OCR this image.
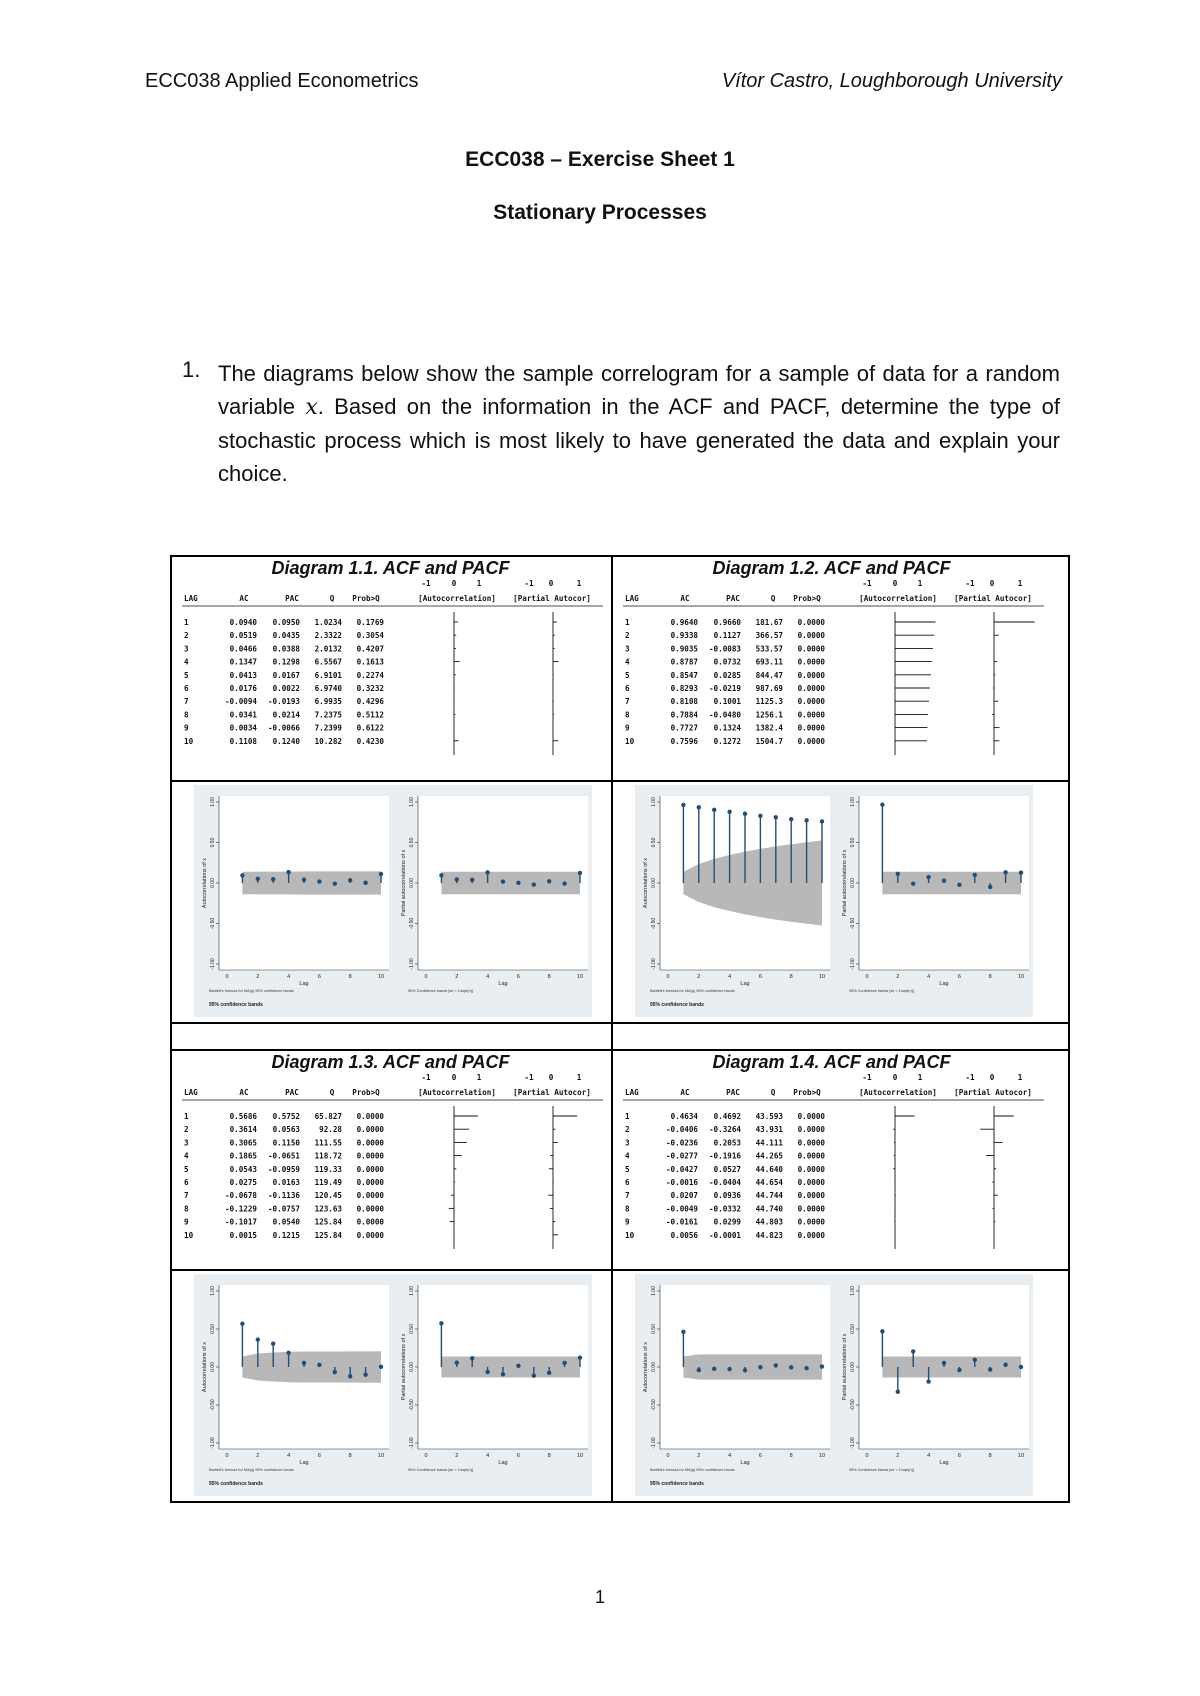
ECC038 Applied Econometrics	Vítor Castro, Loughborough University
ECC038 – Exercise Sheet 1
Stationary Processes
1. The diagrams below show the sample correlogram for a sample of data for a random variable x. Based on the information in the ACF and PACF, determine the type of stochastic process which is most likely to have generated the data and explain your choice.
Diagram 1.1. ACF and PACF
-1	0	1	-1 0	1
LAG	AC	PAC	Q Prob>Q	[Autocorrelation] [Partial Autocor]
1	0.0940 0.0950 1.0234 0.1769
2	0.0519 0.0435 2.3322 0.3054
3	0.0466 0.0388 2.0132 0.4207
4	0.1347 0.1298 6.5567 0.1613
5	0.0413 0.0167 6.9101 0.2274
6	0.0176 0.0022 6.9740 0.3232
7	-0.0094 -0.0193 6.9935 0.4296
8	0.0341 0.0214 7.2375 0.5112
9	0.0034 -0.0066 7.2399 0.6122
10	0.1108 0.1240 10.282 0.4230
-1.00
-0.50
0.00
0.50
1.00
0	2	4	6	8	10
Lag
Autocorrelations of x
Bartlett's formula for MA(q) 95% confidence bands
-1.00
-0.50
0.00
0.50
1.00
0	2	4	6	8	10
Lag
Partial autocorrelations of x
95% Confidence bands [se = 1/sqrt(n)]
95% confidence bands
Diagram 1.2. ACF and PACF
-1	0	1	-1 0	1
LAG	AC	PAC	Q Prob>Q	[Autocorrelation] [Partial Autocor]
1	0.9640 0.9660 181.67 0.0000
2	0.9338 0.1127 366.57 0.0000
3	0.9035 -0.0083 533.57 0.0000
4	0.8787 0.0732 693.11 0.0000
5	0.8547 0.0285 844.47 0.0000
6	0.8293 -0.0219 987.69 0.0000
7	0.8108 0.1001 1125.3 0.0000
8	0.7884 -0.0480 1256.1 0.0000
9	0.7727 0.1324 1382.4 0.0000
10	0.7596 0.1272 1504.7 0.0000
-1.00
-0.50
0.00
0.50
1.00
0	2	4	6	8	10
Lag
Autocorrelations of x
Bartlett's formula for MA(q) 95% confidence bands
-1.00
-0.50
0.00
0.50
1.00
0	2	4	6	8	10
Lag
Partial autocorrelations of x
95% Confidence bands [se = 1/sqrt(n)]
95% confidence bands
Diagram 1.3. ACF and PACF
-1	0	1	-1 0	1
LAG	AC	PAC	Q Prob>Q	[Autocorrelation] [Partial Autocor]
1	0.5686 0.5752 65.827 0.0000
2	0.3614 0.0563	92.28 0.0000
3	0.3065 0.1150 111.55 0.0000
4	0.1865 -0.0651 118.72 0.0000
5	0.0543 -0.0959 119.33 0.0000
6	0.0275 0.0163 119.49 0.0000
7	-0.0678 -0.1136 120.45 0.0000
8	-0.1229 -0.0757 123.63 0.0000
9	-0.1017 0.0540 125.84 0.0000
10	0.0015 0.1215 125.84 0.0000
-1.00
-0.50
0.00
0.50
1.00
0	2	4	6	8	10
Lag
Autocorrelations of x
Bartlett's formula for MA(q) 95% confidence bands
-1.00
-0.50
0.00
0.50
1.00
0	2	4	6	8	10
Lag
Partial autocorrelations of x
95% Confidence bands [se = 1/sqrt(n)]
95% confidence bands
Diagram 1.4. ACF and PACF
-1	0	1	-1 0	1
LAG	AC	PAC	Q Prob>Q	[Autocorrelation] [Partial Autocor]
1	0.4634 0.4692 43.593 0.0000
2	-0.0406 -0.3264 43.931 0.0000
3	-0.0236 0.2053 44.111 0.0000
4	-0.0277 -0.1916 44.265 0.0000
5	-0.0427 0.0527 44.640 0.0000
6	-0.0016 -0.0404 44.654 0.0000
7	0.0207 0.0936 44.744 0.0000
8	-0.0049 -0.0332 44.740 0.0000
9	-0.0161 0.0299 44.803 0.0000
10	0.0056 -0.0001 44.823 0.0000
-1.00
-0.50
0.00
0.50
1.00
0	2	4	6	8	10
Lag
Autocorrelations of x
Bartlett's formula for MA(q) 95% confidence bands
-1.00
-0.50
0.00
0.50
1.00
0	2	4	6	8	10
Lag
Partial autocorrelations of x
95% Confidence bands [se = 1/sqrt(n)]
95% confidence bands
1
